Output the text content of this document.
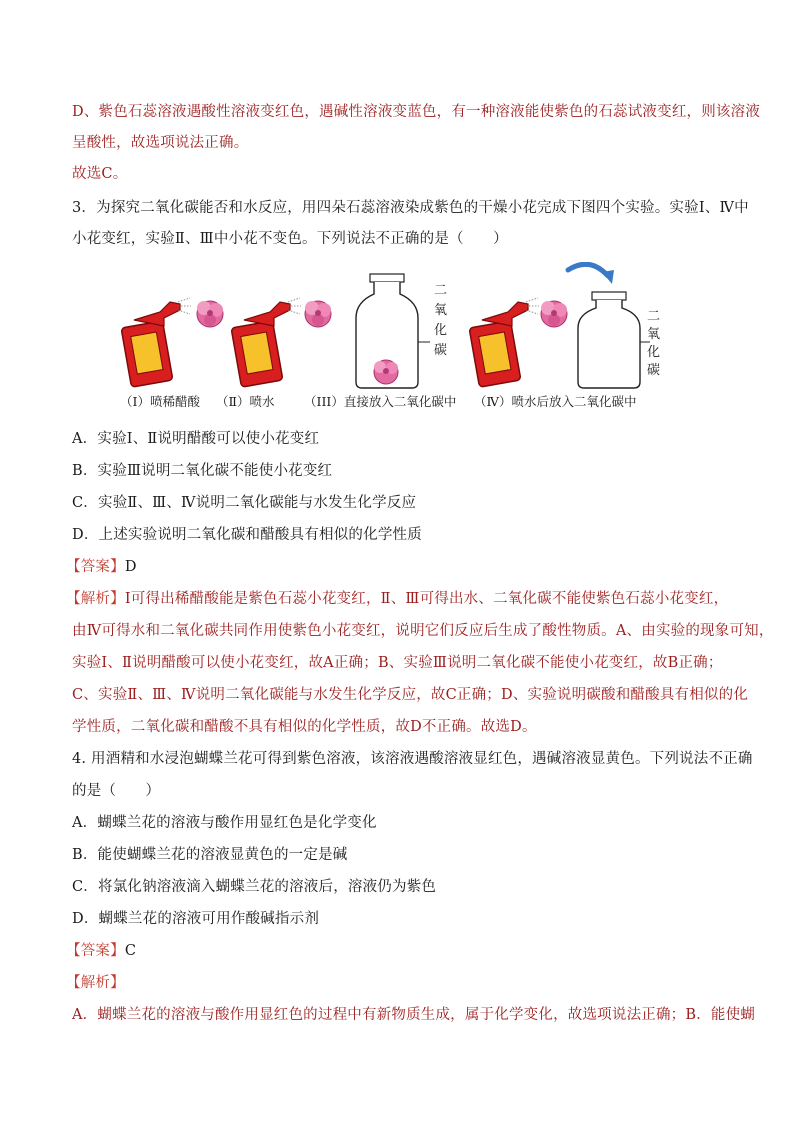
D、紫色石蕊溶液遇酸性溶液变红色，遇碱性溶液变蓝色，有一种溶液能使紫色的石蕊试液变红，则该溶液
呈酸性，故选项说法正确。
故选C。
3．为探究二氧化碳能否和水反应，用四朵石蕊溶液染成紫色的干燥小花完成下图四个实验。实验Ⅰ、Ⅳ中
小花变红，实验Ⅱ、Ⅲ中小花不变色。下列说法不正确的是（　　）
二
氧
化
碳
二
氧
化
碳
（I）喷稀醋酸 （Ⅱ）喷水 （III）直接放入二氧化碳中 （Ⅳ）喷水后放入二氧化碳中
A．实验Ⅰ、Ⅱ说明醋酸可以使小花变红
B．实验Ⅲ说明二氧化碳不能使小花变红
C．实验Ⅱ、Ⅲ、Ⅳ说明二氧化碳能与水发生化学反应
D．上述实验说明二氧化碳和醋酸具有相似的化学性质
【答案】D
【解析】Ⅰ可得出稀醋酸能是紫色石蕊小花变红，Ⅱ、Ⅲ可得出水、二氧化碳不能使紫色石蕊小花变红，
由Ⅳ可得水和二氧化碳共同作用使紫色小花变红，说明它们反应后生成了酸性物质。A、由实验的现象可知，
实验Ⅰ、Ⅱ说明醋酸可以使小花变红，故A正确；B、实验Ⅲ说明二氧化碳不能使小花变红，故B正确；
C、实验Ⅱ、Ⅲ、Ⅳ说明二氧化碳能与水发生化学反应，故C正确；D、实验说明碳酸和醋酸具有相似的化
学性质，二氧化碳和醋酸不具有相似的化学性质，故D不正确。故选D。
4. 用酒精和水浸泡蝴蝶兰花可得到紫色溶液，该溶液遇酸溶液显红色，遇碱溶液显黄色。下列说法不正确
的是（　　）
A．蝴蝶兰花的溶液与酸作用显红色是化学变化
B．能使蝴蝶兰花的溶液显黄色的一定是碱
C．将氯化钠溶液滴入蝴蝶兰花的溶液后，溶液仍为紫色
D．蝴蝶兰花的溶液可用作酸碱指示剂
【答案】C
【解析】
A．蝴蝶兰花的溶液与酸作用显红色的过程中有新物质生成，属于化学变化，故选项说法正确；B．能使蝴
